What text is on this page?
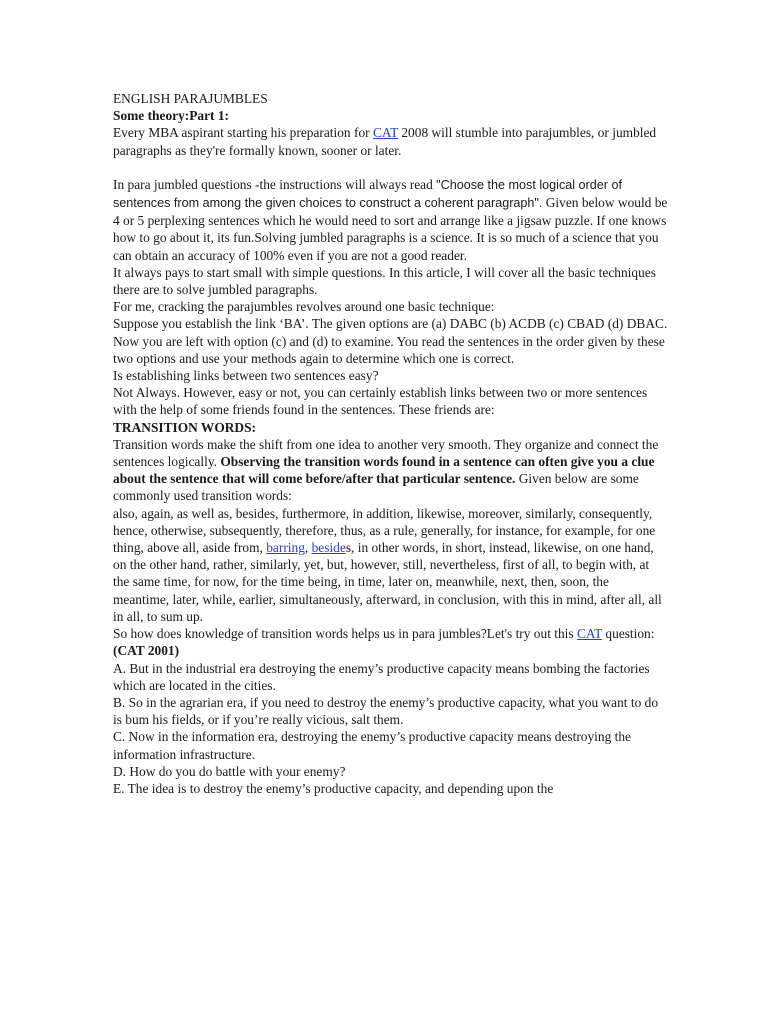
ENGLISH PARAJUMBLES

Some theory:Part 1:

Every MBA aspirant starting his preparation for CAT 2008 will stumble into parajumbles, or jumbled paragraphs as they're formally known, sooner or later.

In para jumbled questions -the instructions will always read "Choose the most logical order of sentences from among the given choices to construct a coherent paragraph". Given below would be 4 or 5 perplexing sentences which he would need to sort and arrange like a jigsaw puzzle. If one knows how to go about it, its fun.Solving jumbled paragraphs is a science. It is so much of a science that you can obtain an accuracy of 100% even if you are not a good reader.

It always pays to start small with simple questions. In this article, I will cover all the basic techniques there are to solve jumbled paragraphs.

For me, cracking the parajumbles revolves around one basic technique:

Suppose you establish the link ‘BA’. The given options are (a) DABC (b) ACDB (c) CBAD (d) DBAC. Now you are left with option (c) and (d) to examine. You read the sentences in the order given by these two options and use your methods again to determine which one is correct.

Is establishing links between two sentences easy?

Not Always. However, easy or not, you can certainly establish links between two or more sentences with the help of some friends found in the sentences. These friends are:

TRANSITION WORDS:

Transition words make the shift from one idea to another very smooth. They organize and connect the sentences logically. Observing the transition words found in a sentence can often give you a clue about the sentence that will come before/after that particular sentence. Given below are some commonly used transition words:

also, again, as well as, besides, furthermore, in addition, likewise, moreover, similarly, consequently, hence, otherwise, subsequently, therefore, thus, as a rule, generally, for instance, for example, for one thing, above all, aside from, barring, besides, in other words, in short, instead, likewise, on one hand, on the other hand, rather, similarly, yet, but, however, still, nevertheless, first of all, to begin with, at the same time, for now, for the time being, in time, later on, meanwhile, next, then, soon, the meantime, later, while, earlier, simultaneously, afterward, in conclusion, with this in mind, after all, all in all, to sum up.

So how does knowledge of transition words helps us in para jumbles?Let's try out this CAT question:

(CAT 2001)

A. But in the industrial era destroying the enemy’s productive capacity means bombing the factories which are located in the cities.

B. So in the agrarian era, if you need to destroy the enemy’s productive capacity, what you want to do is bum his fields, or if you’re really vicious, salt them.

C. Now in the information era, destroying the enemy’s productive capacity means destroying the information infrastructure.

D. How do you do battle with your enemy?

E. The idea is to destroy the enemy’s productive capacity, and depending upon the
